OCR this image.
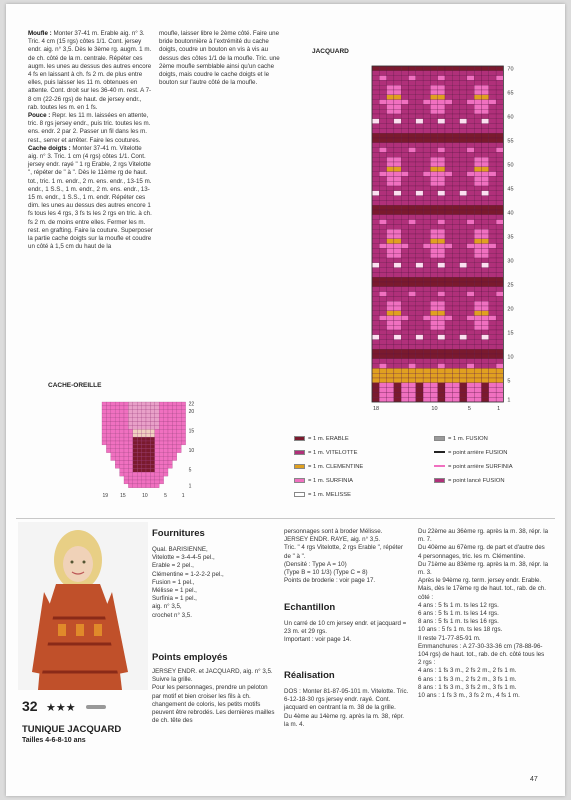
Moufle : Monter 37-41 m. Erable aig. n° 3. Tric. 4 cm (15 rgs) côtes 1/1. Cont. jersey endr. aig. n° 3,5. Dès le 3ème rg. augm. 1 m. de ch. côté de la m. centrale. Répéter ces augm. les unes au dessus des autres encore 4 fs en laissant à ch. fs 2 m. de plus entre elles, puis laisser les 11 m. obtenues en attente. Cont. droit sur les 36-40 m. rest. A 7-8 cm (22-26 rgs) de haut. de jersey endr., rab. toutes les m. en 1 fs.
Pouce : Repr. les 11 m. laissées en attente, tric. 8 rgs jersey endr., puis tric. toutes les m. ens. endr. 2 par 2. Passer un fil dans les m. rest., serrer et arrêter. Faire les coutures.
Cache doigts : Monter 37-41 m. Vitelotte aig. n° 3. Tric. 1 cm (4 rgs) côtes 1/1. Cont. jersey endr. rayé " 1 rg Erable, 2 rgs Vitelotte ", répéter de " à ". Dès le 11ème rg de haut. tot., tric. 1 m. endr., 2 m. ens. endr., 13-15 m. endr., 1 S.S., 1 m. endr., 2 m. ens. endr., 13-15 m. endr., 1 S.S., 1 m. endr. Répéter ces dim. les unes au dessus des autres encore 1 fs tous les 4 rgs, 3 fs ts les 2 rgs en tric. à ch. fs 2 m. de moins entre elles. Fermer les m. rest. en grafting. Faire la couture. Superposer la partie cache doigts sur la moufle et coudre un côté à 1,5 cm du haut de la
moufle, laisser libre le 2ème côté. Faire une bride boutonnière à l'extrémité du cache doigts, coudre un bouton en vis à vis au dessus des côtes 1/1 de la moufle. Tric. une 2ème moufle semblable ainsi qu'un cache doigts, mais coudre le cache doigts et le bouton sur l'autre côté de la moufle.
CACHE-OREILLE
22
20
15
10
5
1
19 15	10	5	1
JACQUARD
70
65
60
55
50
45
40
35
30
25
20
15
10
5
1
18	10	5	1
= 1 m. ERABLE
= 1 m. VITELOTTE
= 1 m. CLEMENTINE
= 1 m. SURFINIA
= 1 m. MELISSE
= 1 m. FUSION
= point arrière FUSION
= point arrière SURFINIA
= point lancé FUSION
32 ★★★
TUNIQUE JACQUARD
Tailles 4-6-8-10 ans
Fournitures
Qual. BARISIENNE,
Vitelotte = 3-4-4-5 pel.,
Erable = 2 pel.,
Clémentine = 1-2-2-2 pel.,
Fusion = 1 pel.,
Mélisse = 1 pel.,
Surfinia = 1 pel.,
aig. n° 3,5,
crochet n° 3,5.
Points employés
JERSEY ENDR. et JACQUARD, aig. n° 3,5.
Suivre la grille.
Pour les personnages, prendre un peloton par motif et bien croiser les fils à ch. changement de coloris, les petits motifs peuvent être rebrodés. Les dernières mailles de ch. tête des
personnages sont à broder Mélisse.
JERSEY ENDR. RAYE, aig. n° 3,5.
Tric. " 4 rgs Vitelotte, 2 rgs Erable ", répéter de " à ".
(Densité : Type A = 10)
(Type B = 10 1/3) (Type C = 8)
Points de broderie : voir page 17.
Echantillon
Un carré de 10 cm jersey endr. et jacquard = 23 m. et 29 rgs.
Important : voir page 14.
Réalisation
DOS : Monter 81-87-95-101 m. Vitelotte. Tric. 6-12-18-30 rgs jersey endr. rayé. Cont. jacquard en centrant la m. 38 de la grille.
Du 4ème au 14ème rg. après la m. 38, répr. la m. 4.
Du 22ème au 36ème rg. après la m. 38, répr. la m. 7.
Du 40ème au 67ème rg. de part et d'autre des 4 personnages, tric. les m. Clémentine.
Du 71ème au 83ème rg. après la m. 38, répr. la m. 3.
Après le 94ème rg. term. jersey endr. Erable.
Mais, dès le 17ème rg de haut. tot., rab. de ch. côté :
4 ans : 5 fs 1 m. ts les 12 rgs.
6 ans : 5 fs 1 m. ts les 14 rgs.
8 ans : 5 fs 1 m. ts les 16 rgs.
10 ans : 5 fs 1 m. ts les 18 rgs.
Il reste 71-77-85-91 m.
Emmanchures : A 27-30-33-36 cm (78-88-96-104 rgs) de haut. tot., rab. de ch. côté tous les 2 rgs :
4 ans : 1 fs 3 m., 2 fs 2 m., 2 fs 1 m.
6 ans : 1 fs 3 m., 2 fs 2 m., 3 fs 1 m.
8 ans : 1 fs 3 m., 3 fs 2 m., 3 fs 1 m.
10 ans : 1 fs 3 m., 3 fs 2 m., 4 fs 1 m.
47
